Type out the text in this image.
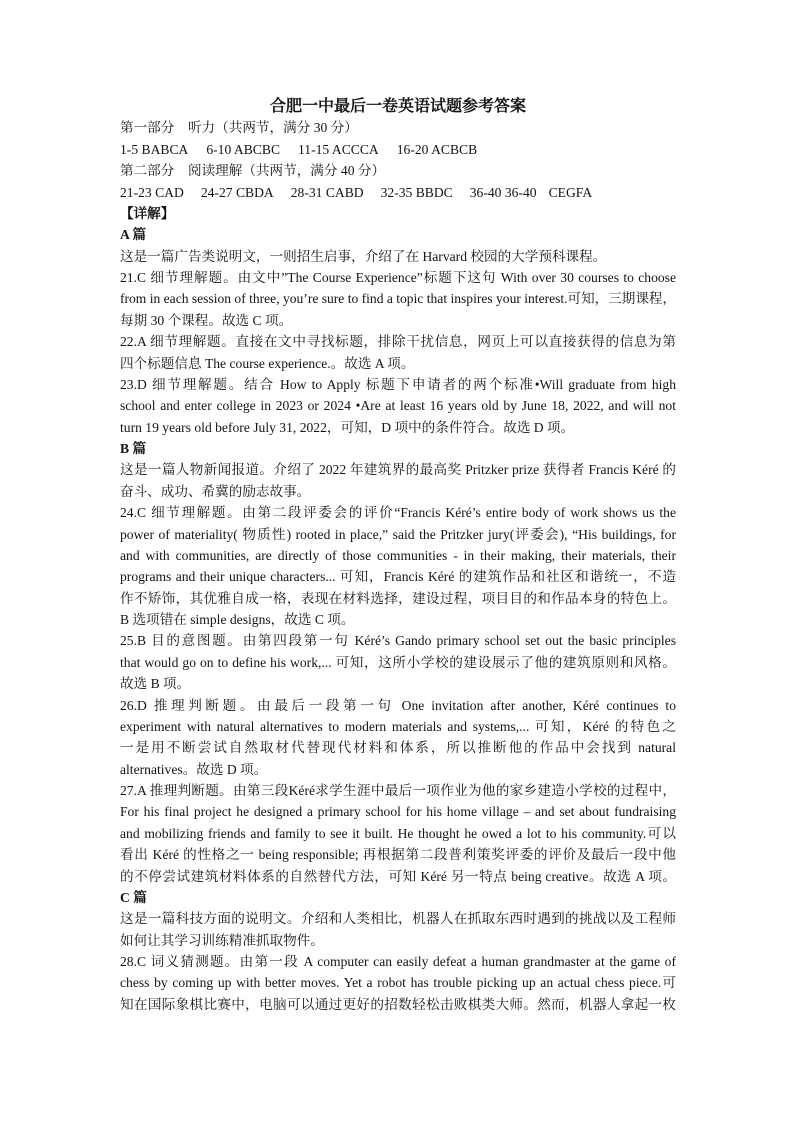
合肥一中最后一卷英语试题参考答案
第一部分　听力（共两节，满分 30 分）
1-5 BABCA 6-10 ABCBC 11-15 ACCCA 16-20 ACBCB
第二部分　阅读理解（共两节，满分 40 分）
21-23 CAD 24-27 CBDA 28-31 CABD 32-35 BBDC 36-40 36-40 CEGFA
【详解】
A 篇
这是一篇广告类说明文，一则招生启事，介绍了在 Harvard 校园的大学预科课程。
21.C 细节理解题。由文中”The Course Experience”标题下这句 With over 30 courses to choose
from in each session of three, you’re sure to find a topic that inspires your interest.可知，三期课程，
每期 30 个课程。故选 C 项。
22.A 细节理解题。直接在文中寻找标题，排除干扰信息，网页上可以直接获得的信息为第
四个标题信息 The course experience.。故选 A 项。
23.D 细节理解题。结合 How to Apply 标题下申请者的两个标准•Will graduate from high
school and enter college in 2023 or 2024 •Are at least 16 years old by June 18, 2022, and will not
turn 19 years old before July 31, 2022，可知，D 项中的条件符合。故选 D 项。
B 篇
这是一篇人物新闻报道。介绍了 2022 年建筑界的最高奖 Pritzker prize 获得者 Francis Kéré 的
奋斗、成功、希冀的励志故事。
24.C 细节理解题。由第二段评委会的评价“Francis Kéré’s entire body of work shows us the
power of materiality( 物质性) rooted in place,” said the Pritzker jury(评委会), “His buildings, for
and with communities, are directly of those communities - in their making, their materials, their
programs and their unique characters... 可知，Francis Kéré 的建筑作品和社区和谐统一，不造
作不矫饰，其优雅自成一格，表现在材料选择，建设过程，项目目的和作品本身的特色上。
B 选项错在 simple designs，故选 C 项。
25.B 目的意图题。由第四段第一句 Kéré’s Gando primary school set out the basic principles
that would go on to define his work,... 可知，这所小学校的建设展示了他的建筑原则和风格。
故选 B 项。
26.D 推理判断题。由最后一段第一句 One invitation after another, Kéré continues to
experiment with natural alternatives to modern materials and systems,... 可知，Kéré 的特色之
一是用不断尝试自然取材代替现代材料和体系，所以推断他的作品中会找到 natural
alternatives。故选 D 项。
27.A 推理判断题。由第三段Kéré求学生涯中最后一项作业为他的家乡建造小学校的过程中，
For his final project he designed a primary school for his home village – and set about fundraising
and mobilizing friends and family to see it built. He thought he owed a lot to his community.可以
看出 Kéré 的性格之一 being responsible; 再根据第二段普利策奖评委的评价及最后一段中他
的不停尝试建筑材料体系的自然替代方法，可知 Kéré 另一特点 being creative。故选 A 项。
C 篇
这是一篇科技方面的说明文。介绍和人类相比，机器人在抓取东西时遇到的挑战以及工程师
如何让其学习训练精准抓取物件。
28.C 词义猜测题。由第一段 A computer can easily defeat a human grandmaster at the game of
chess by coming up with better moves. Yet a robot has trouble picking up an actual chess piece.可
知在国际象棋比赛中，电脑可以通过更好的招数轻松击败棋类大师。然而，机器人拿起一枚
